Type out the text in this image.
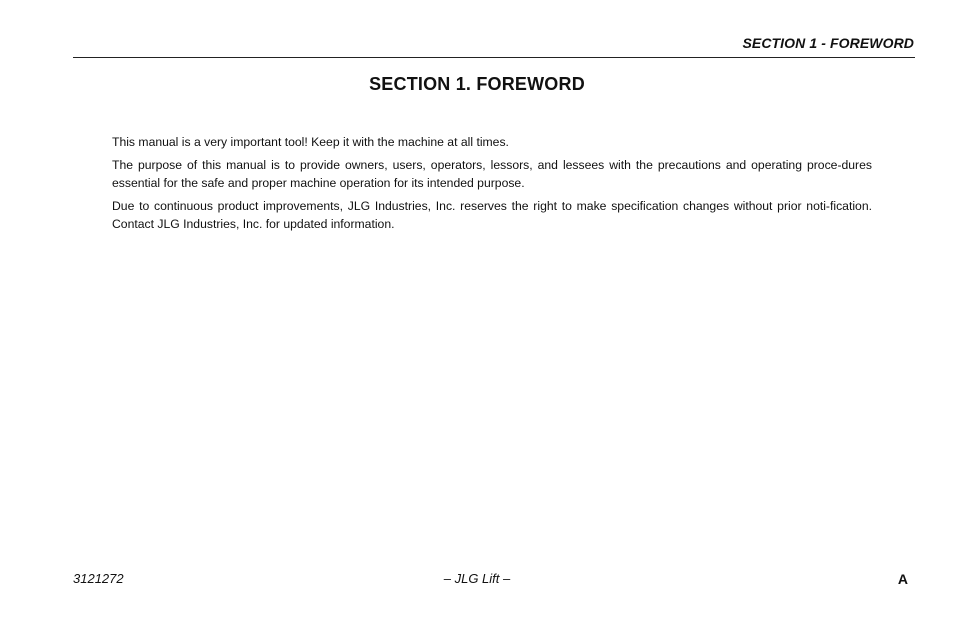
SECTION 1 - FOREWORD
SECTION 1. FOREWORD

This manual is a very important tool! Keep it with the machine at all times.

The purpose of this manual is to provide owners, users, operators, lessors, and lessees with the precautions and operating proce-dures essential for the safe and proper machine operation for its intended purpose.

Due to continuous product improvements, JLG Industries, Inc. reserves the right to make specification changes without prior noti-fication. Contact JLG Industries, Inc. for updated information.

3121272	– JLG Lift –	A
